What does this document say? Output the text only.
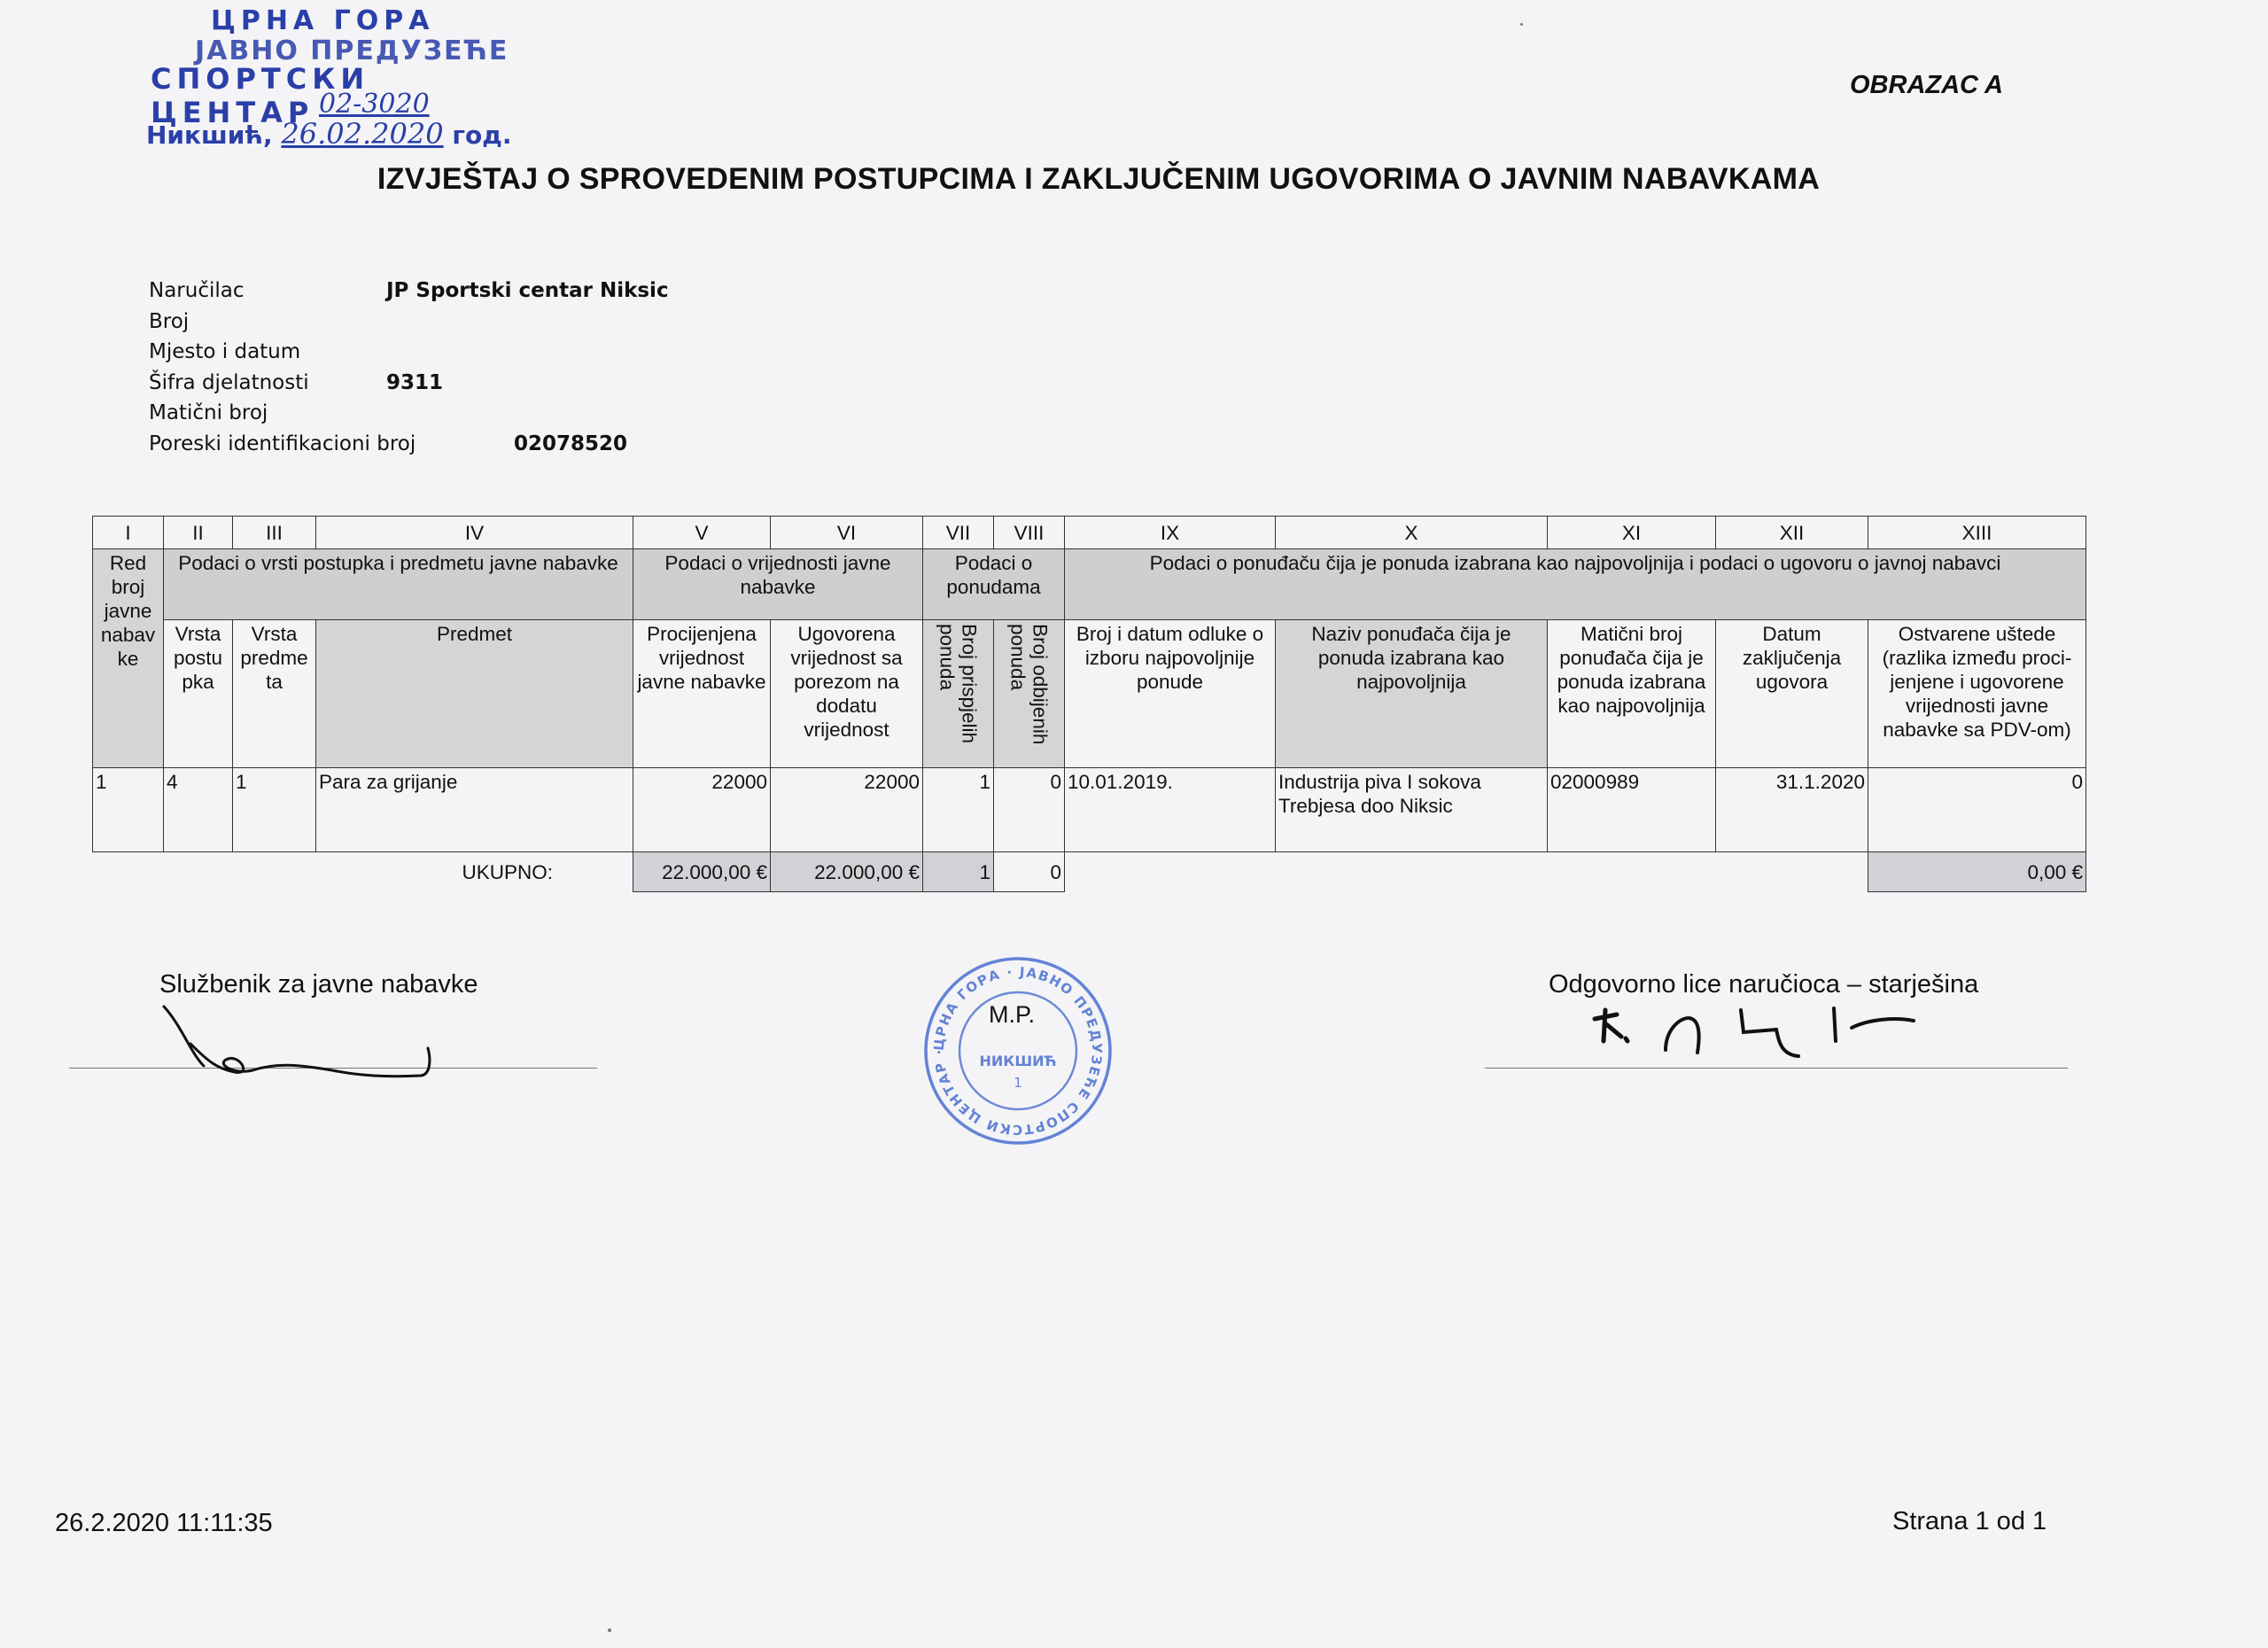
ЦРНА ГОРА
ЈАВНО ПРЕДУЗЕЋЕ
СПОРТСКИ ЦЕНТАР 02-3020
Никшић, 26.02.2020 год.
OBRAZAC A
IZVJEŠTAJ O SPROVEDENIM POSTUPCIMA I ZAKLJUČENIM UGOVORIMA O JAVNIM NABAVKAMA
Naručilac	JP Sportski centar Niksic
Broj
Mjesto i datum
Šifra djelatnosti	9311
Matični broj
Poreski identifikacioni broj	02078520
I	II	III	IV	V	VI	VII	VIII	IX	X	XI	XII	XIII
Red broj javne nabav ke	Podaci o vrsti postupka i predmetu javne nabavke			Podaci o vrijednosti javne nabavke		Podaci o ponudama		Podaci o ponuđaču čija je ponuda izabrana kao najpovoljnija i podaci o ugovoru o javnoj nabavci				
	Vrsta postu pka	Vrsta predme ta	Predmet	Procijenjena vrijednost javne nabavke	Ugovorena vrijednost sa porezom na dodatu vrijednost	Broj prispjelih ponuda	Broj odbijenih ponuda	Broj i datum odluke o izboru najpovoljnije ponude	Naziv ponuđača čija je ponuda izabrana kao najpovoljnija	Matični broj ponuđača čija je ponuda izabrana kao najpovoljnija	Datum zaključenja ugovora	Ostvarene uštede (razlika između proci-jenjene i ugovorene vrijednosti javne nabavke sa PDV-om)
1	4	1	Para za grijanje	22000	22000	1	0	10.01.2019.	Industrija piva I sokova Trebjesa doo Niksic	02000989	31.1.2020	0
UKUPNO:				22.000,00 €	22.000,00 €	1	0					0,00 €
Službenik za javne nabavke	Odgovorno lice naručioca – starješina
ЦРНА ГОРА · ЈАВНО ПРЕДУЗЕЋЕ СПОРТСКИ ЦЕНТАР ·
НИКШИЋ
1
M.P.
26.2.2020 11:11:35	Strana 1 od 1
